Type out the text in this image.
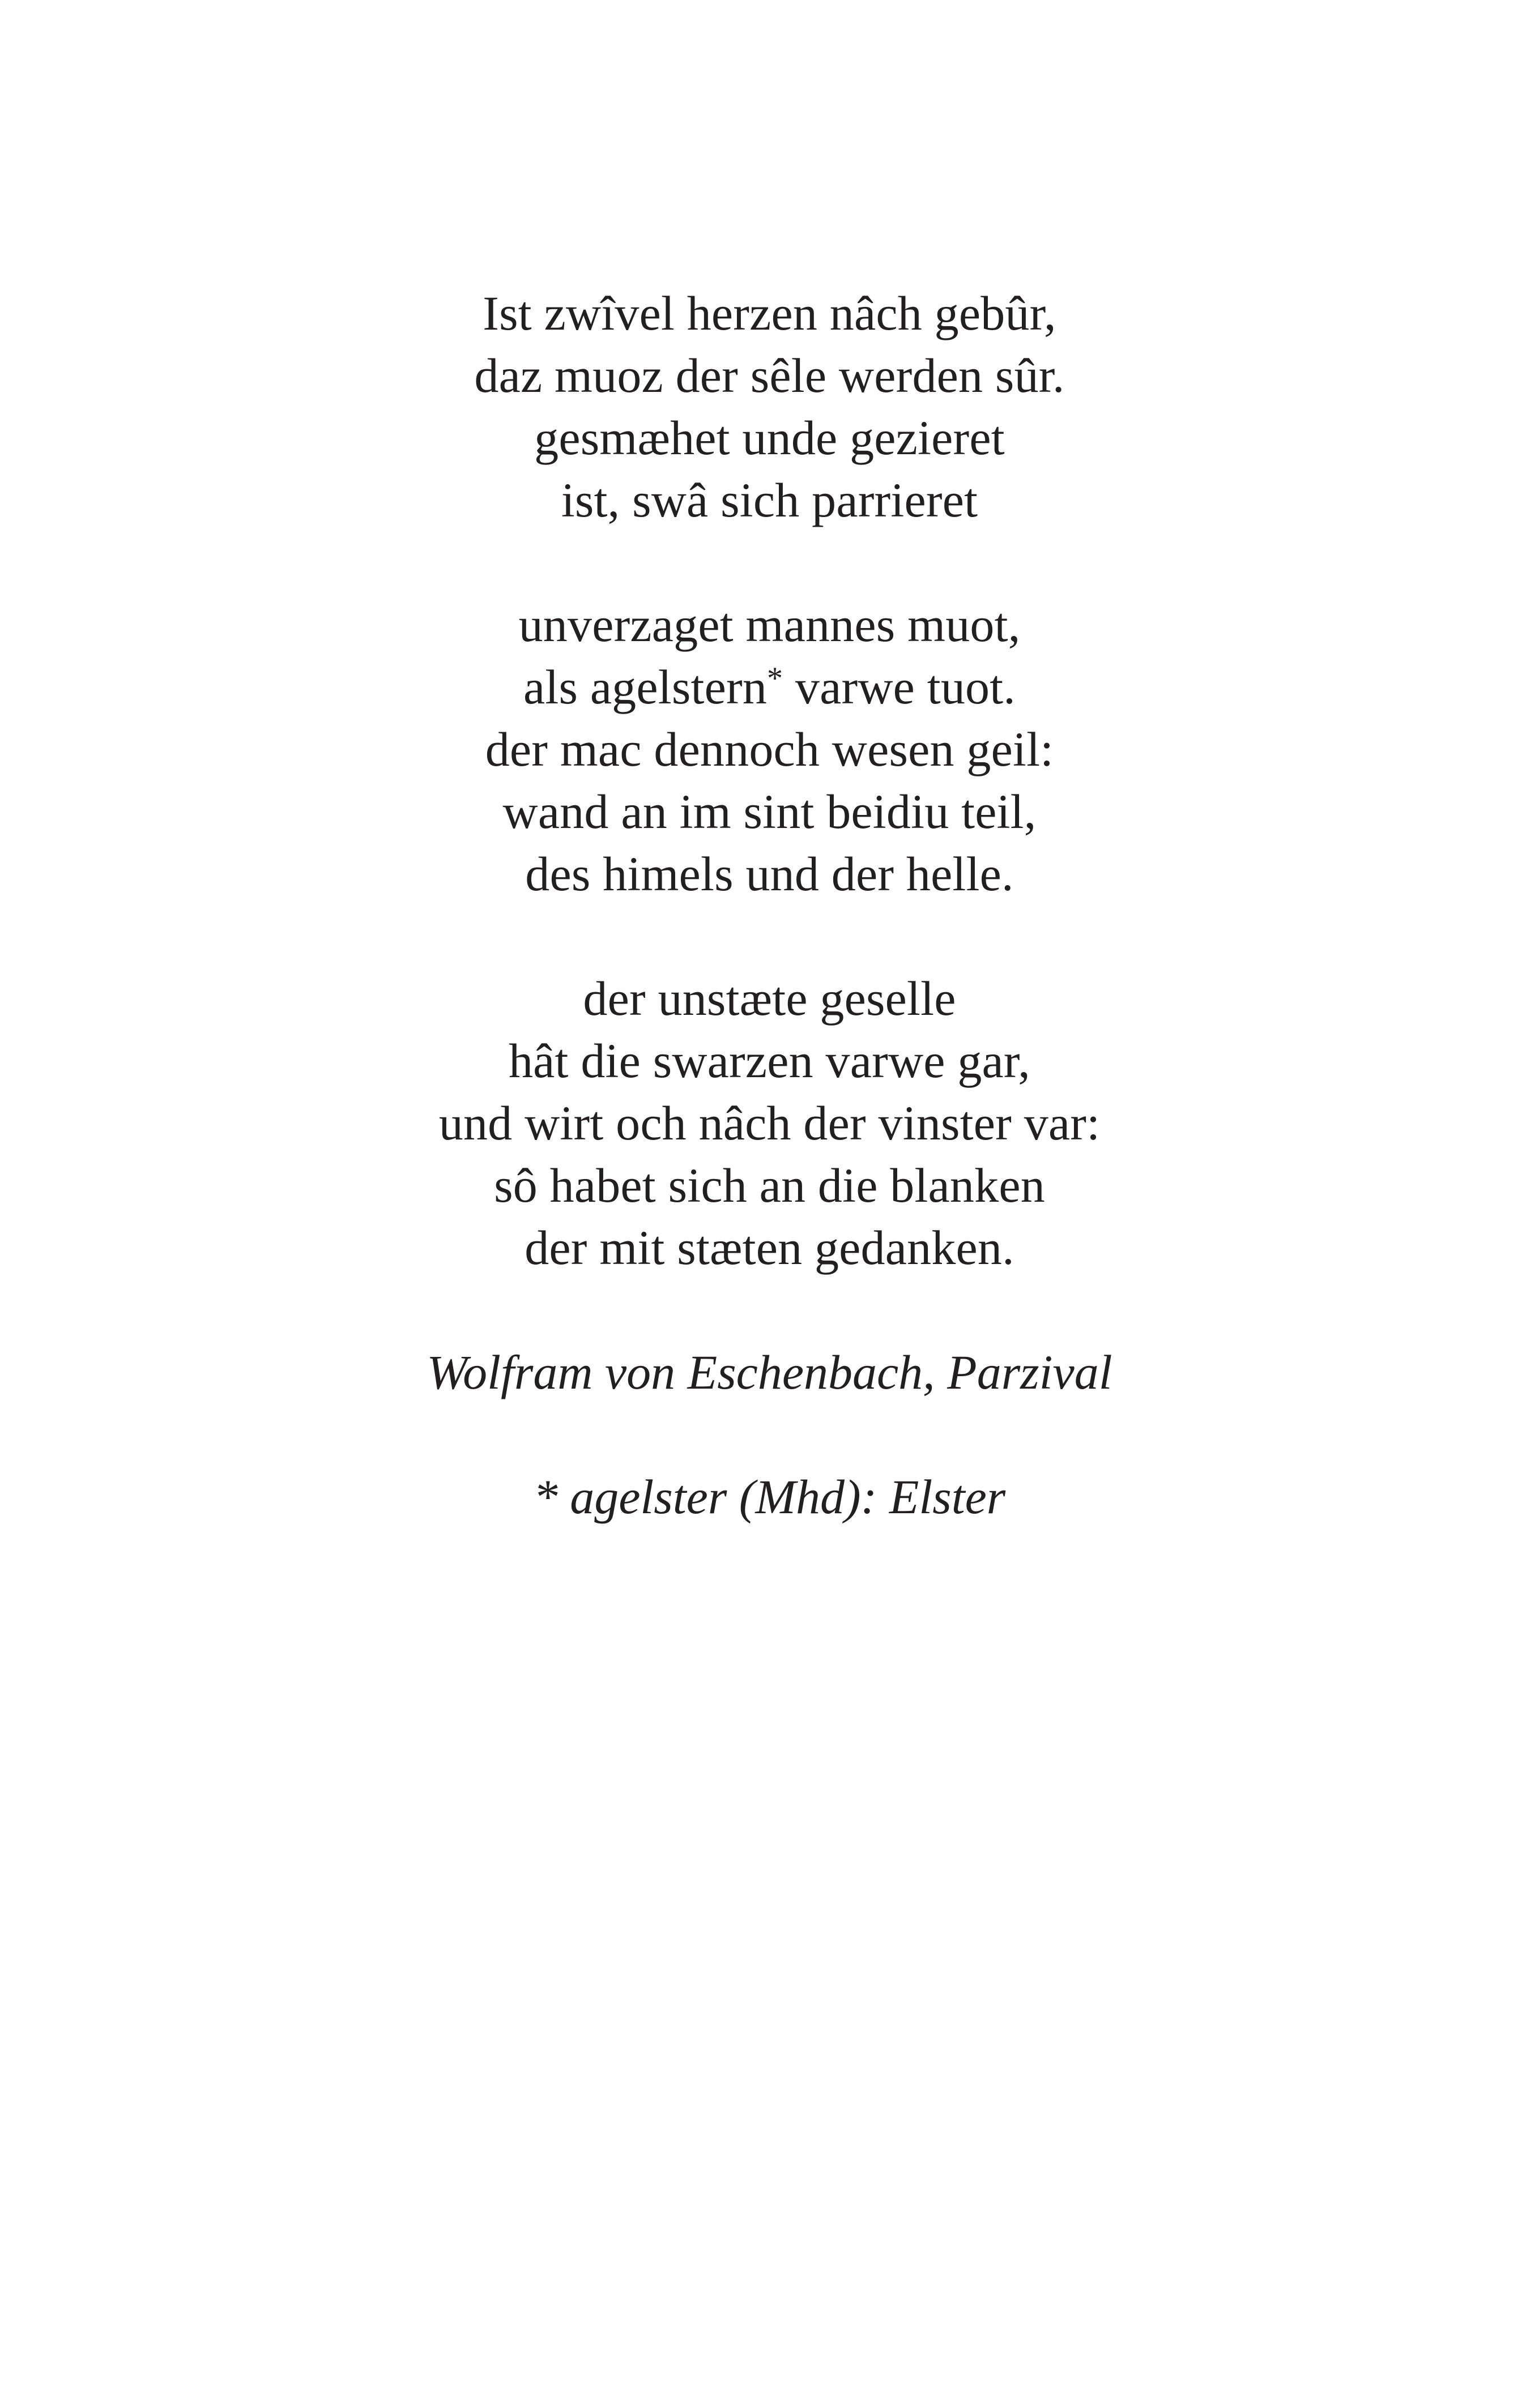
Ist zwîvel herzen nâch gebûr,
daz muoz der sêle werden sûr.
gesmæhet unde gezieret
ist, swâ sich parrieret
unverzaget mannes muot,
als agelstern* varwe tuot.
der mac dennoch wesen geil:
wand an im sint beidiu teil,
des himels und der helle.
der unstæte geselle
hât die swarzen varwe gar,
und wirt och nâch der vinster var:
sô habet sich an die blanken
der mit stæten gedanken.
Wolfram von Eschenbach, Parzival
* agelster (Mhd): Elster
